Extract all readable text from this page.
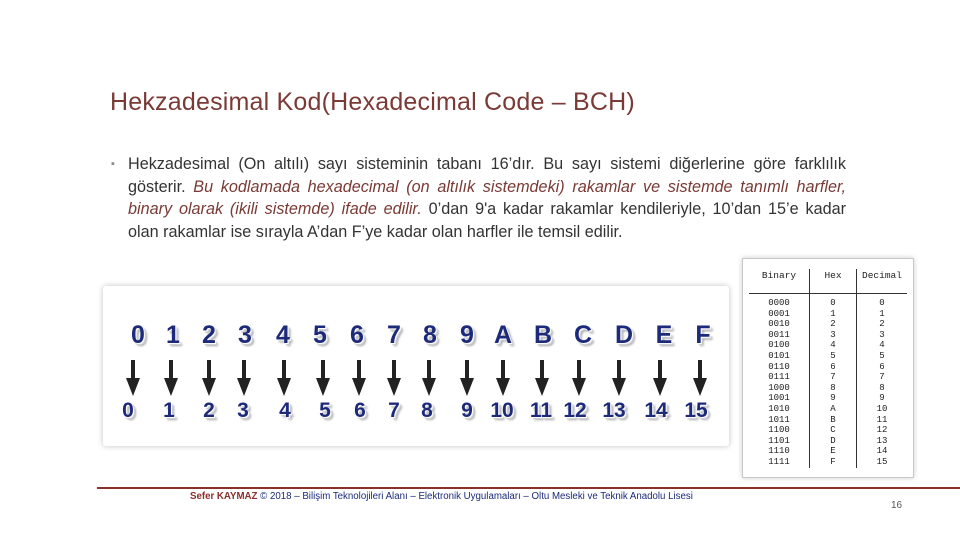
Hekzadesimal Kod(Hexadecimal Code – BCH)
▪ Hekzadesimal (On altılı) sayı sisteminin tabanı 16’dır. Bu sayı sistemi diğerlerine göre farklılık gösterir. Bu kodlamada hexadecimal (on altılık sistemdeki) rakamlar ve sistemde tanımlı harfler, binary olarak (ikili sistemde) ifade edilir. 0’dan 9'a kadar rakamlar kendileriyle, 10’dan 15’e kadar olan rakamlar ise sırayla A’dan F’ye kadar olan harfler ile temsil edilir.
0
0
1
1
2
2
3
3
4
4
5
5
6
6
7
7
8
8
9
9
A
10
B
11
C
12
D
13
E
14
F
15
Binary	Hex	Decimal
0000	0	0
0001	1	1
0010	2	2
0011	3	3
0100	4	4
0101	5	5
0110	6	6
0111	7	7
1000	8	8
1001	9	9
1010	A	10
1011	B	11
1100	C	12
1101	D	13
1110	E	14
1111	F	15
Sefer KAYMAZ © 2018 – Bilişim Teknolojileri Alanı – Elektronik Uygulamaları – Oltu Mesleki ve Teknik Anadolu Lisesi
16
